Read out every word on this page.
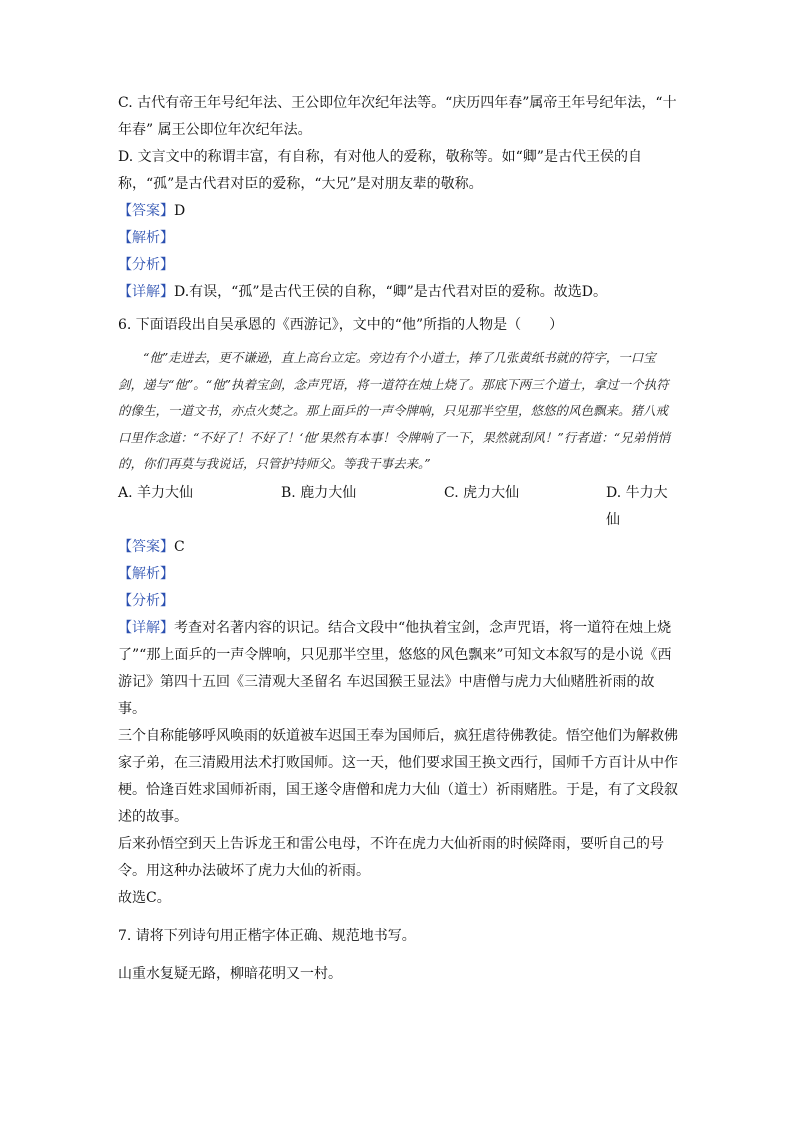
C. 古代有帝王年号纪年法、王公即位年次纪年法等。“庆历四年春”属帝王年号纪年法，“十年春” 属王公即位年次纪年法。

D. 文言文中的称谓丰富，有自称，有对他人的爱称，敬称等。如“卿”是古代王侯的自称，“孤”是古代君对臣的爱称，“大兄”是对朋友辈的敬称。

【答案】D

【解析】

【分析】

【详解】D.有误，“孤”是古代王侯的自称，“卿”是古代君对臣的爱称。故选D。

6. 下面语段出自吴承恩的《西游记》，文中的“他”所指的人物是（　　）

“他”走进去，更不谦逊，直上高台立定。旁边有个小道士，捧了几张黄纸书就的符字，一口宝剑，递与“他”。“他”执着宝剑，念声咒语，将一道符在烛上烧了。那底下两三个道士，拿过一个执符的像生，一道文书，亦点火焚之。那上面乒的一声令牌响，只见那半空里，悠悠的风色飘来。猪八戒口里作念道：“不好了！不好了！‘他’果然有本事！令牌响了一下，果然就刮风！”行者道：“兄弟悄悄的，你们再莫与我说话，只管护持师父。等我干事去来。”

A. 羊力大仙	B. 鹿力大仙	C. 虎力大仙	D. 牛力大仙

【答案】C

【解析】

【分析】

【详解】考查对名著内容的识记。结合文段中“他执着宝剑，念声咒语，将一道符在烛上烧了”“那上面乒的一声令牌响，只见那半空里，悠悠的风色飘来”可知文本叙写的是小说《西游记》第四十五回《三清观大圣留名 车迟国猴王显法》中唐僧与虎力大仙赌胜祈雨的故事。

三个自称能够呼风唤雨的妖道被车迟国王奉为国师后，疯狂虐待佛教徒。悟空他们为解救佛家子弟，在三清殿用法术打败国师。这一天，他们要求国王换文西行，国师千方百计从中作梗。恰逢百姓求国师祈雨，国王遂令唐僧和虎力大仙（道士）祈雨赌胜。于是，有了文段叙述的故事。

后来孙悟空到天上告诉龙王和雷公电母，不许在虎力大仙祈雨的时候降雨，要听自己的号令。用这种办法破坏了虎力大仙的祈雨。

故选C。

7. 请将下列诗句用正楷字体正确、规范地书写。

山重水复疑无路，柳暗花明又一村。
